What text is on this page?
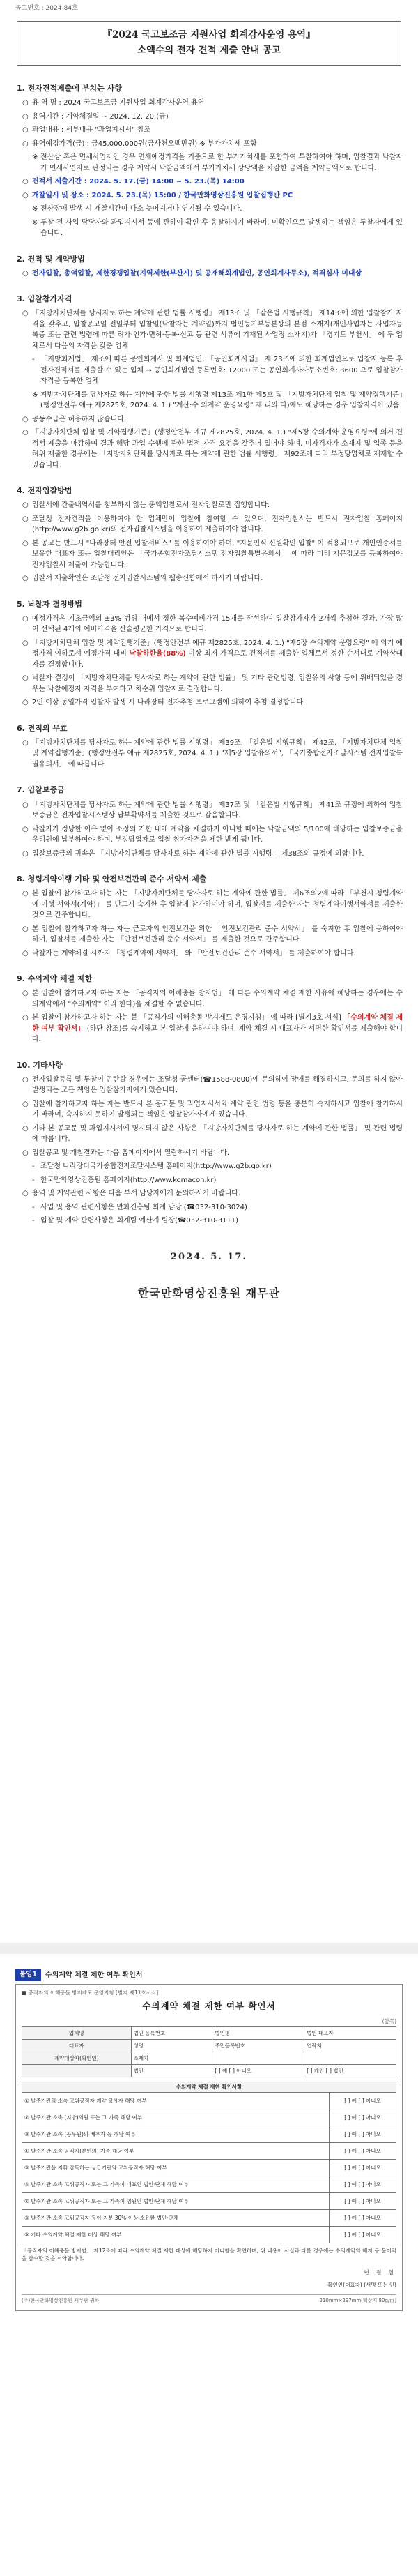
공고번호 : 2024-84호
『2024 국고보조금 지원사업 회계감사운영 용역』
소액수의 전자 견적 제출 안내 공고
1. 전자견적제출에 부치는 사항
○ 용 역 명 : 2024 국고보조금 지원사업 회계감사운영 용역
○ 용역기간 : 계약체결일 ~ 2024. 12. 20.(금)
○ 과업내용 : 세부내용 "과업지시서" 참조
○ 용역예정가격(금) : 금45,000,000원(금사천오백만원) ※ 부가가치세 포함
※ 전산상 혹은 면세사업자인 경우 면세예정가격을 기준으로 한 부가가치세를 포함하여 투찰하여야 하며, 입찰결과 낙찰자가 면세사업자로 판정되는 경우 계약시 낙찰금액에서 부가가치세 상당액을 차감한 금액을 계약금액으로 합니다.
○ 견적서 제출기간 : 2024. 5. 17.(금) 14:00 ~ 5. 23.(목) 14:00
○ 개찰일시 및 장소 : 2024. 5. 23.(목) 15:00 / 한국만화영상진흥원 입찰집행관 PC
※ 전산장애 발생 시 개찰시간이 다소 늦어지거나 연기될 수 있습니다.
※ 투찰 전 사업 담당자와 과업지시서 등에 관하여 확인 후 응찰하시기 바라며, 미확인으로 발생하는 책임은 투찰자에게 있습니다.
2. 견적 및 계약방법
○ 전자입찰, 총액입찰, 제한경쟁입찰(지역제한(부산시) 및 공재해회계법인, 공인회계사무소), 적격심사 미대상
3. 입찰참가자격
○ 「지방자치단체를 당사자로 하는 계약에 관한 법률 시행령」 제13조 및 「같은법 시행규칙」 제14조에 의한 입찰참가 자격을 갖추고, 입찰공고일 전일부터 입찰일(낙찰자는 계약일)까지 법인등기부등본상의 본점 소재지(개인사업자는 사업자등록증 또는 관련 법령에 따른 허가·인가·면허·등록·신고 등 관련 서류에 기재된 사업장 소재지)가 「경기도 부천시」 에 두 업체로서 다음의 자격을 갖춘 업체
- 「지방회계법」 제조에 따른 공인회계사 및 회계법인, 「공인회계사법」 제 23조에 의한 회계법인으로 입찰자 등록 후 전자견적서를 제출할 수 있는 업체 → 공인회계법인 등록번호: 12000 또는 공인회계사사무소번호: 3600 으로 입찰참가자격을 등록한 업체
※ 지방자치단체를 당사자로 하는 계약에 관한 법률 시행령 제13조 제1항 제5호 및 「지방자치단체 입찰 및 계약집행기준」(행정안전부 예규 제2825호, 2024. 4. 1.) "계산·수 의계약 운영요령" 제 리의 다)에도 해당하는 경우 입찰자격이 있음
○ 공동수급은 허용하지 않습니다.
○ 「지방자치단체 입찰 및 계약집행기준」(행정안전부 예규 제2825호, 2024. 4. 1.) "제5장 수의계약 운영요령"에 의거 견적서 제출을 마감하여 결과 해당 과업 수행에 관한 법적 자격 요건을 갖추어 있어야 하며, 미자격자가 소재지 및 업종 등을 허위 제출한 경우에는 「지방자치단체를 당사자로 하는 계약에 관한 법률 시행령」 제92조에 따라 부정당업체로 제재할 수 있습니다.
4. 전자입찰방법
○ 입찰서에 간출내역서를 첨부하지 않는 총액입찰로서 전자입찰로만 집행합니다.
○ 조달청 전자견적을 이용하여야 한 업체만이 입찰에 참여할 수 있으며, 전자입찰서는 반드시 전자입찰 홈페이지(http://www.g2b.go.kr)의 전자입찰시스템을 이용하여 제출하여야 합니다.
○ 본 공고는 반드시 "나라장터 안전 입찰서비스" 를 이용하여야 하며, "지문인식 신원확인 입찰" 이 적용되므로 개인인증서를 보유한 대표자 또는 입찰대리인은 「국가종합전자조달시스템 전자입찰특별유의서」 에 따라 미리 지문정보를 등록하여야 전자입찰서 제출이 가능합니다.
○ 입찰서 제출확인은 조달청 전자입찰시스템의 웹송신함에서 하시기 바랍니다.
5. 낙찰자 결정방법
○ 예정가격은 기초금액의 ±3% 범위 내에서 정한 복수예비가격 15개를 작성하여 입찰참가자가 2개씩 추첨한 결과, 가장 많이 선택된 4개의 예비가격을 산술평균한 가격으로 합니다.
○ 「지방자치단체 입찰 및 계약집행기준」(행정안전부 예규 제2825호, 2024. 4. 1.) "제5장 수의계약 운영요령" 에 의거 예정가격 이하로서 예정가격 대비 낙찰하한율(88%) 이상 최저 가격으로 견적서를 제출한 업체로서 정한 순서대로 계약상대자를 결정합니다.
○ 낙찰자 결정이 「지방자치단체를 당사자로 하는 계약에 관한 법률」 및 기타 관련법령, 입찰유의 사항 등에 위배되었을 경우는 낙찰예정자 자격을 부여하고 차순위 입찰자로 결정합니다.
○ 2인 이상 동일가격 입찰자 발생 시 나라장터 전자추첨 프로그램에 의하여 추첨 결정합니다.
6. 견적의 무효
○ 「지방자치단체를 당사자로 하는 계약에 관한 법률 시행령」 제39조, 「같은법 시행규칙」 제42조, 「지방자치단체 입찰 및 계약집행기준」(행정안전부 예규 제2825호, 2024. 4. 1.) "제5장 입찰유의서", 「국가종합전자조달시스템 전자입찰특별유의서」 에 따릅니다.
7. 입찰보증금
○ 「지방자치단체를 당사자로 하는 계약에 관한 법률 시행령」 제37조 및 「같은법 시행규칙」 제41조 규정에 의하여 입찰 보증금은 전자입찰시스템상 납부확약서를 제출한 것으로 갈음합니다.
○ 낙찰자가 정당한 이유 없이 소정의 기한 내에 계약을 체결하지 아니할 때에는 낙찰금액의 5/100에 해당하는 입찰보증금을 우리원에 납부하여야 하며, 부정당업자로 입찰 참가자격을 제한 받게 됩니다.
○ 입찰보증금의 귀속은 「지방자치단체를 당사자로 하는 계약에 관한 법률 시행령」 제38조의 규정에 의합니다.
8. 청렴계약이행 기타 및 안전보건관리 준수 서약서 제출
○ 본 입찰에 참가하고자 하는 자는 「지방자치단체를 당사자로 하는 계약에 관한 법률」 제6조의2에 따라 「부천시 청렴계약에 이행 서약서(계약)」 를 반드시 숙지한 후 입찰에 참가하여야 하며, 입찰서를 제출한 자는 청렴계약이행서약서를 제출한 것으로 간주합니다.
○ 본 입찰에 참가하고자 하는 자는 근로자의 안전보건을 위한 「안전보건관리 준수 서약서」 를 숙지한 후 입찰에 응하여야 하며, 입찰서를 제출한 자는 「안전보건관리 준수 서약서」 를 제출한 것으로 간주합니다.
○ 낙찰자는 계약체결 시까지 「청렴계약에 서약서」 와 「안전보건관리 준수 서약서」 를 제출하여야 합니다.
9. 수의계약 체결 제한
○ 본 입찰에 참가하고자 하는 자는 「공직자의 이해충돌 방지법」 에 따른 수의계약 체결 제한 사유에 해당하는 경우에는 수의계약에서 "수의계약" 이라 한다)을 체결할 수 없습니다.
○ 본 입찰에 참가하고자 하는 자는 붙 「공직자의 이해충돌 방지제도 운영지침」 에 따라 [별지3호 서식] 「수의계약 체결 제한 여부 확인서」 (하단 참조)를 숙지하고 본 입찰에 응하여야 하며, 계약 체결 시 대표자가 서명한 확인서를 제출해야 합니다.
10. 기타사항
○ 전자입찰등록 및 투찰이 곤란할 경우에는 조달청 콜센터(☎1588-0800)에 문의하여 장애를 해결하시고, 문의를 하지 않아 발생되는 모든 책임은 입찰참가자에게 있습니다.
○ 입찰에 참가하고자 하는 자는 반드시 본 공고문 및 과업지시서와 계약 관련 법령 등을 충분히 숙지하시고 입찰에 참가하시기 바라며, 숙지하지 못하여 발생되는 책임은 입찰참가자에게 있습니다.
○ 기타 본 공고문 및 과업지시서에 명시되지 않은 사항은 「지방자치단체를 당사자로 하는 계약에 관한 법률」 및 관련 법령에 따릅니다.
○ 입찰공고 및 개찰결과는 다음 홈페이지에서 열람하시기 바랍니다.
- 조달청 나라장터국가종합전자조달시스템 홈페이지(http://www.g2b.go.kr)
- 한국만화영상진흥원 홈페이지(http://www.komacon.kr)
○ 용역 및 계약관련 사항은 다음 부서 담당자에게 문의하시기 바랍니다.
- 사업 및 용역 관련사항은 만화진흥팀 회계 담당 (☎032-310-3024)
- 입찰 및 계약 관련사항은 회계팀 예산계 팀장(☎032-310-3111)
2024. 5. 17.
한국만화영상진흥원 재무관
붙임1	수의계약 체결 제한 여부 확인서
■ 공직자의 이해충돌 방지제도 운영지침 [별지 제11호서식]
수의계약 체결 제한 여부 확인서
(앞쪽)
업체명	법인 등록번호	법인명	법인 대표자
대표자	성명	주민등록번호	연락처
계약대상자(확인인)	소재지		
	법인	[ ] 예 [ ] 아니오	[ ] 개인 [ ] 법인
수의계약 체결 제한 확인사항	
① 발주기관의 소속 고위공직자 계약 당사자 해당 여부	[ ] 예 [ ] 아니오
② 발주기관 소속 (지방)의원 또는 그 가족 해당 여부	[ ] 예 [ ] 아니오
③ 발주기관 소속 (공무원)의 배우자 등 해당 여부	[ ] 예 [ ] 아니오
④ 발주기관 소속 공직자(본인의) 가족 해당 여부	[ ] 예 [ ] 아니오
⑤ 발주기관을 지휘 감독하는 상급기관의 고위공직자 해당 여부	[ ] 예 [ ] 아니오
⑥ 발주기관 소속 고위공직자 또는 그 가족이 대표인 법인·단체 해당 여부	[ ] 예 [ ] 아니오
⑦ 발주기관 소속 고위공직자 또는 그 가족이 임원인 법인·단체 해당 여부	[ ] 예 [ ] 아니오
⑧ 발주기관 소속 고위공직자 등이 지분 30% 이상 소유한 법인·단체	[ ] 예 [ ] 아니오
⑨ 기타 수의계약 체결 제한 대상 해당 여부	[ ] 예 [ ] 아니오
「공직자의 이해충돌 방지법」 제12조에 따라 수의계약 체결 제한 대상에 해당하지 아니함을 확인하며, 위 내용이 사실과 다를 경우에는 수의계약의 해지 등 불이익을 감수할 것을 서약합니다.
년 월 일
확인인(대표자) (서명 또는 인)
(주)한국만화영상진흥원 재무관 귀하	210mm×297mm[백상지 80g/㎡]
